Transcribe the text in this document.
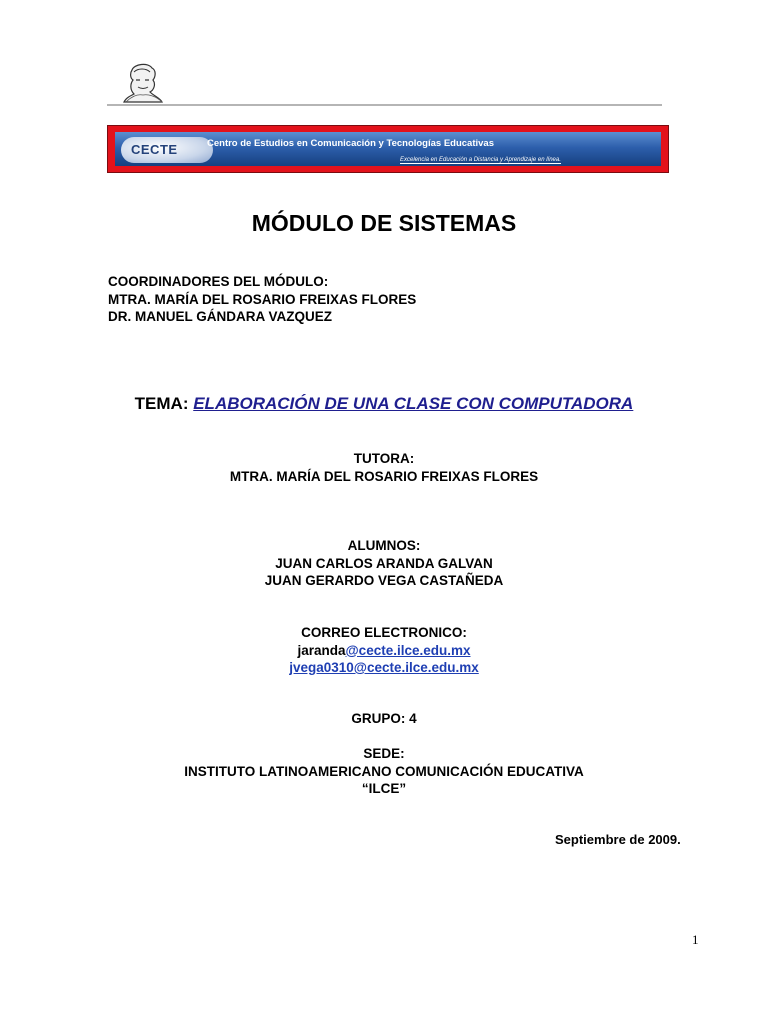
CECTE	Centro de Estudios en Comunicación y Tecnologías Educativas
Excelencia en Educación a Distancia y Aprendizaje en línea.
MÓDULO DE SISTEMAS
COORDINADORES DEL MÓDULO:
MTRA. MARÍA DEL ROSARIO FREIXAS FLORES
DR. MANUEL GÁNDARA VAZQUEZ
TEMA: ELABORACIÓN DE UNA CLASE CON COMPUTADORA
TUTORA:
MTRA. MARÍA DEL ROSARIO FREIXAS FLORES
ALUMNOS:
JUAN CARLOS ARANDA GALVAN
JUAN GERARDO VEGA CASTAÑEDA
CORREO ELECTRONICO:
jaranda@cecte.ilce.edu.mx
jvega0310@cecte.ilce.edu.mx
GRUPO: 4
SEDE:
INSTITUTO LATINOAMERICANO COMUNICACIÓN EDUCATIVA
“ILCE”
Septiembre de 2009.
1
